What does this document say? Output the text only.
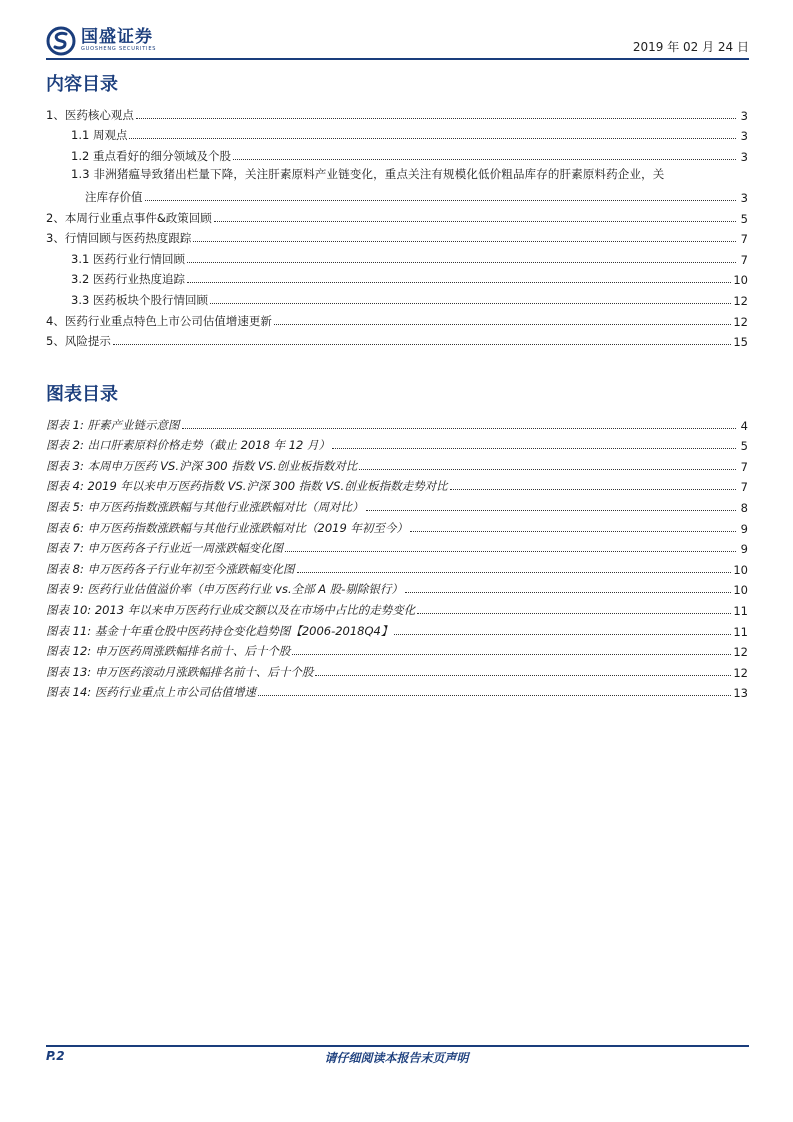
国盛证券
GUOSHENG SECURITIES	2019 年 02 月 24 日
内容目录
1、医药核心观点	3
1.1 周观点	3
1.2 重点看好的细分领域及个股	3
1.3 非洲猪瘟导致猪出栏量下降，关注肝素原料产业链变化，重点关注有规模化低价粗品库存的肝素原料药企业，关
注库存价值	3
2、本周行业重点事件&政策回顾	5
3、行情回顾与医药热度跟踪	7
3.1 医药行业行情回顾	7
3.2 医药行业热度追踪	10
3.3 医药板块个股行情回顾	12
4、医药行业重点特色上市公司估值增速更新	12
5、风险提示	15
图表目录
图表 1: 肝素产业链示意图	4
图表 2: 出口肝素原料价格走势（截止 2018 年 12 月）	5
图表 3: 本周申万医药 VS.沪深 300 指数 VS.创业板指数对比	7
图表 4: 2019 年以来申万医药指数 VS.沪深 300 指数 VS.创业板指数走势对比	7
图表 5: 申万医药指数涨跌幅与其他行业涨跌幅对比（周对比）	8
图表 6: 申万医药指数涨跌幅与其他行业涨跌幅对比（2019 年初至今）	9
图表 7: 申万医药各子行业近一周涨跌幅变化图	9
图表 8: 申万医药各子行业年初至今涨跌幅变化图	10
图表 9: 医药行业估值溢价率（申万医药行业 vs.全部 A 股-剔除银行）	10
图表 10: 2013 年以来申万医药行业成交额以及在市场中占比的走势变化	11
图表 11: 基金十年重仓股中医药持仓变化趋势图【2006-2018Q4】	11
图表 12: 申万医药周涨跌幅排名前十、后十个股	12
图表 13: 申万医药滚动月涨跌幅排名前十、后十个股	12
图表 14: 医药行业重点上市公司估值增速	13
请仔细阅读本报告末页声明
P.2
